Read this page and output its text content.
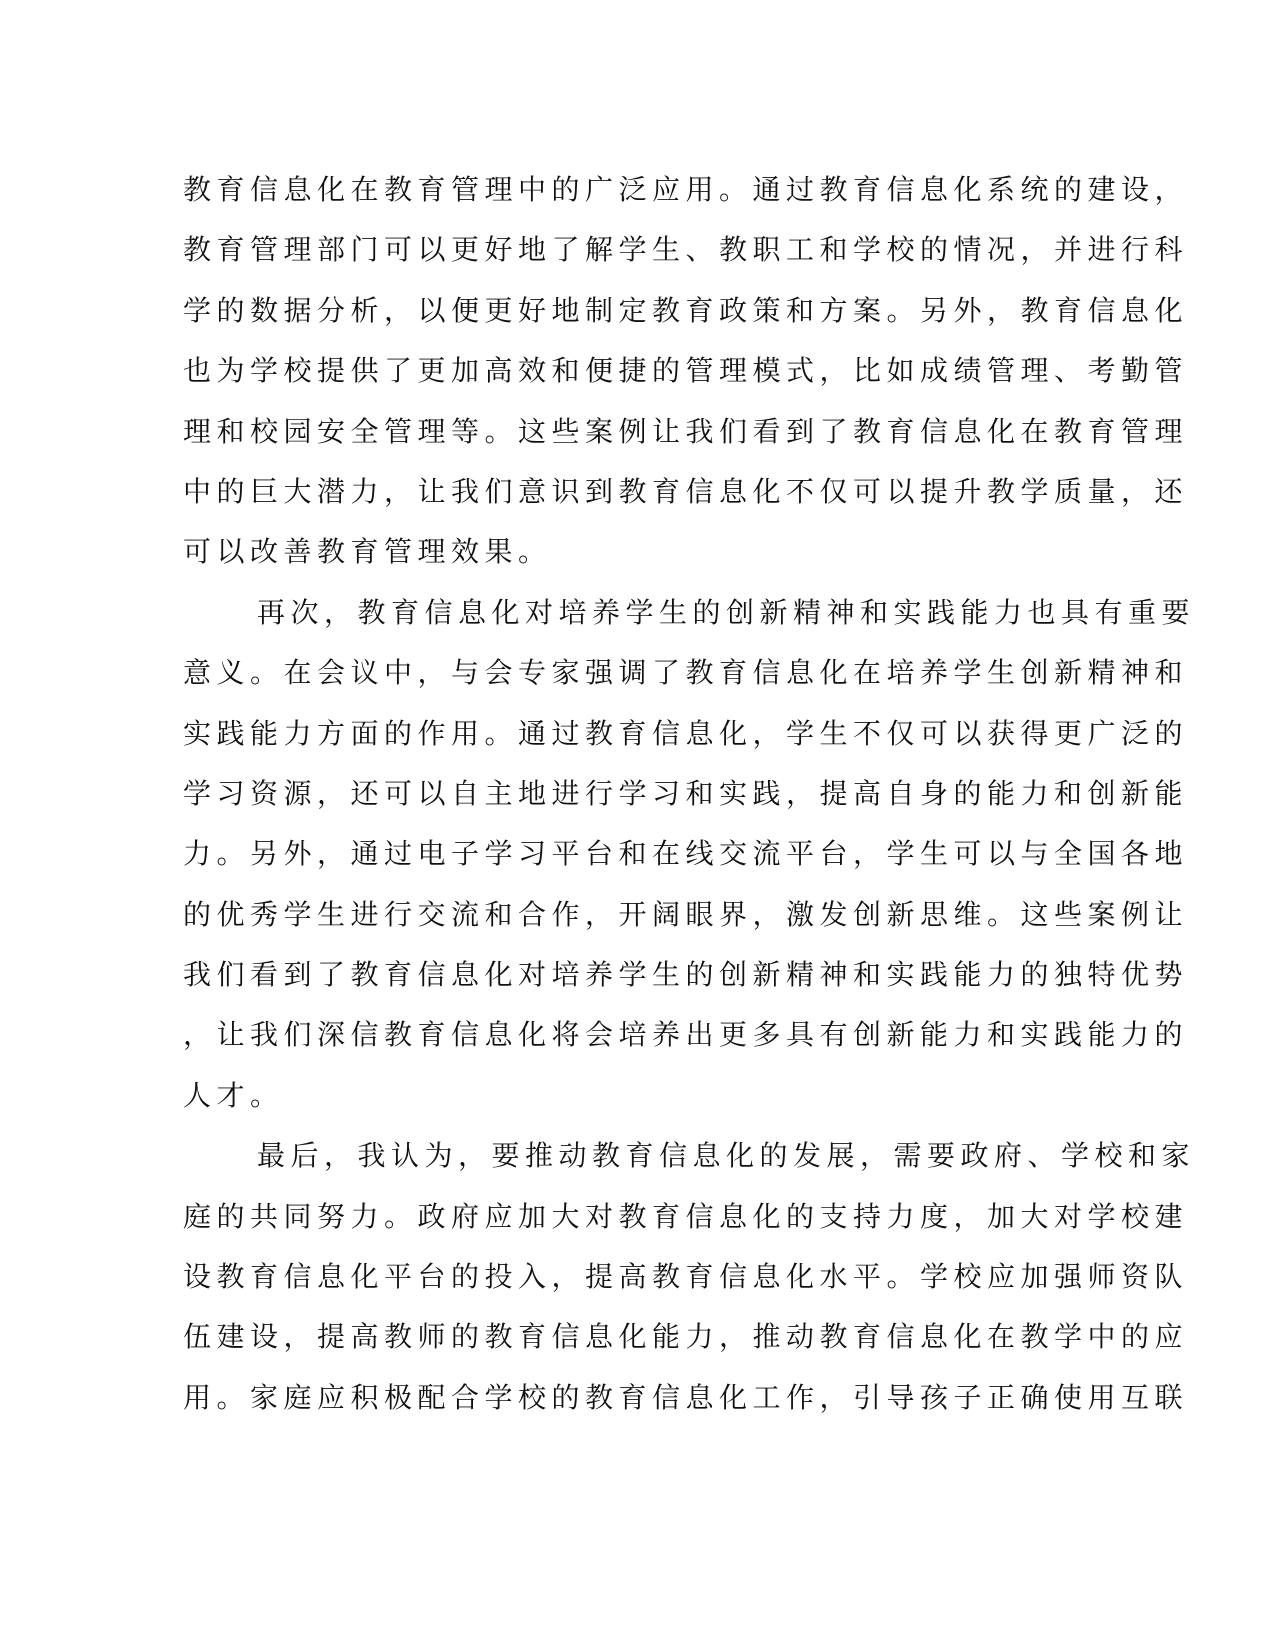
教育信息化在教育管理中的广泛应用。通过教育信息化系统的建设，
教育管理部门可以更好地了解学生、教职工和学校的情况，并进行科
学的数据分析，以便更好地制定教育政策和方案。另外，教育信息化
也为学校提供了更加高效和便捷的管理模式，比如成绩管理、考勤管
理和校园安全管理等。这些案例让我们看到了教育信息化在教育管理
中的巨大潜力，让我们意识到教育信息化不仅可以提升教学质量，还
可以改善教育管理效果。
再次，教育信息化对培养学生的创新精神和实践能力也具有重要
意义。在会议中，与会专家强调了教育信息化在培养学生创新精神和
实践能力方面的作用。通过教育信息化，学生不仅可以获得更广泛的
学习资源，还可以自主地进行学习和实践，提高自身的能力和创新能
力。另外，通过电子学习平台和在线交流平台，学生可以与全国各地
的优秀学生进行交流和合作，开阔眼界，激发创新思维。这些案例让
我们看到了教育信息化对培养学生的创新精神和实践能力的独特优势
，让我们深信教育信息化将会培养出更多具有创新能力和实践能力的
人才。
最后，我认为，要推动教育信息化的发展，需要政府、学校和家
庭的共同努力。政府应加大对教育信息化的支持力度，加大对学校建
设教育信息化平台的投入，提高教育信息化水平。学校应加强师资队
伍建设，提高教师的教育信息化能力，推动教育信息化在教学中的应
用。家庭应积极配合学校的教育信息化工作，引导孩子正确使用互联
